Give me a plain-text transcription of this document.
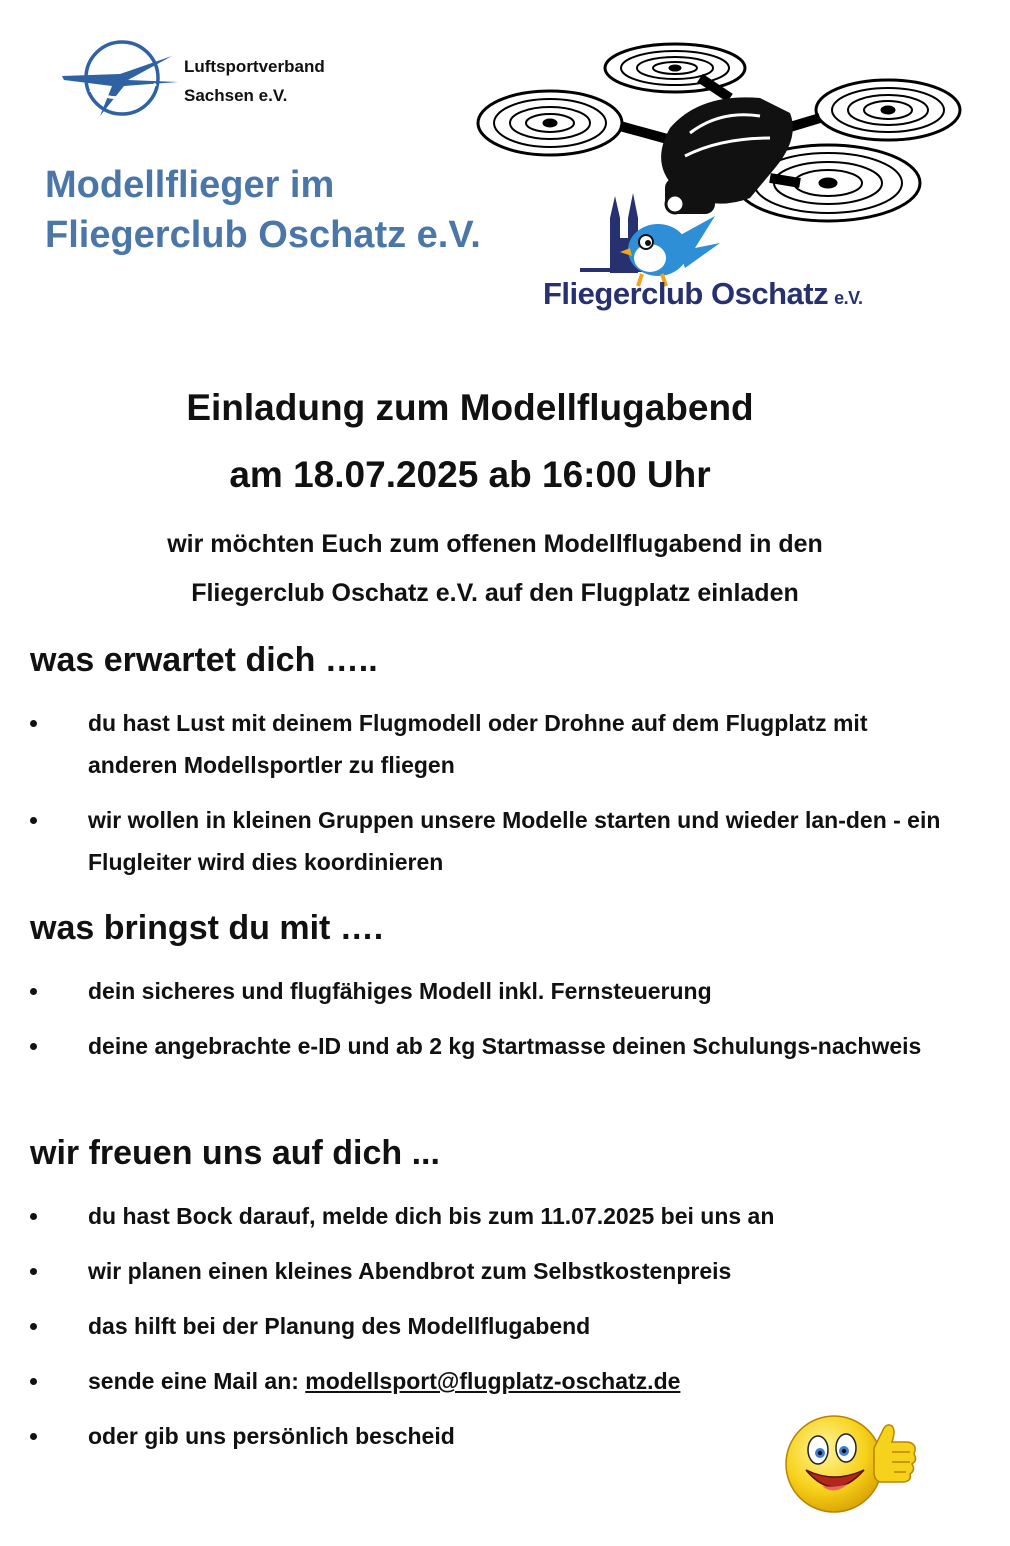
Luftsportverband
Sachsen e.V.
Modellflieger im
Fliegerclub Oschatz e.V.
Fliegerclub Oschatz e.V.
Einladung zum Modellflugabend
am 18.07.2025 ab 16:00 Uhr
wir möchten Euch zum offenen Modellflugabend in den
Fliegerclub Oschatz e.V. auf den Flugplatz einladen
was erwartet dich …..
du hast Lust mit deinem Flugmodell oder Drohne auf dem Flugplatz mit anderen Modellsportler zu fliegen
wir wollen in kleinen Gruppen unsere Modelle starten und wieder lan-den - ein Flugleiter wird dies koordinieren
was bringst du mit ….
dein sicheres und flugfähiges Modell inkl. Fernsteuerung
deine angebrachte e-ID und ab 2 kg Startmasse deinen Schulungs-nachweis
wir freuen uns auf dich ...
du hast Bock darauf, melde dich bis zum 11.07.2025 bei uns an
wir planen einen kleines Abendbrot zum Selbstkostenpreis
das hilft bei der Planung des Modellflugabend
sende eine Mail an: modellsport@flugplatz-oschatz.de
oder gib uns persönlich bescheid
